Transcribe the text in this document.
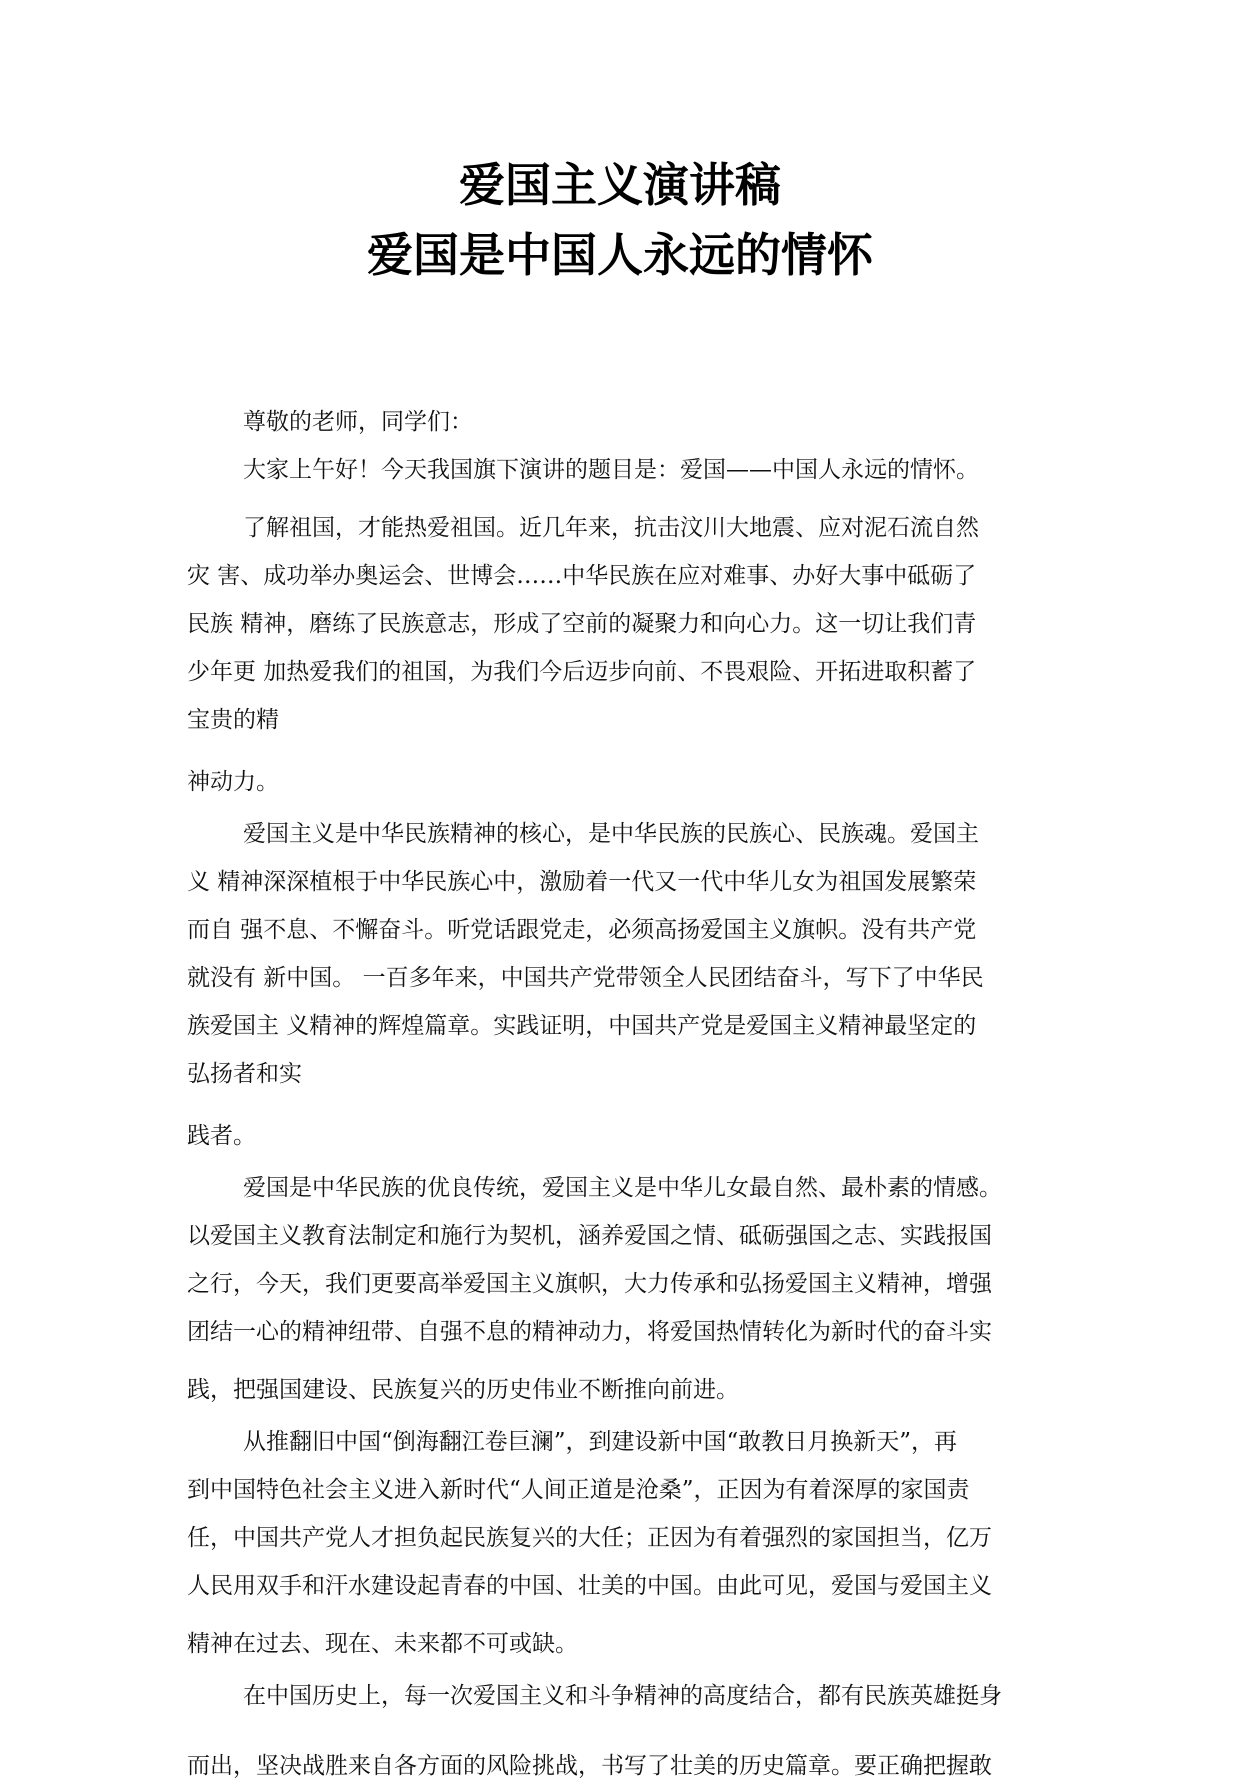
爱国主义演讲稿
爱国是中国人永远的情怀

尊敬的老师，同学们：

大家上午好！今天我国旗下演讲的题目是：爱国——中国人永远的情怀。

了解祖国，才能热爱祖国。近几年来，抗击汶川大地震、应对泥石流自然
灾 害、成功举办奥运会、世博会……中华民族在应对难事、办好大事中砥砺了
民族 精神，磨练了民族意志，形成了空前的凝聚力和向心力。这一切让我们青
少年更 加热爱我们的祖国，为我们今后迈步向前、不畏艰险、开拓进取积蓄了
宝贵的精
神动力。

爱国主义是中华民族精神的核心，是中华民族的民族心、民族魂。爱国主
义 精神深深植根于中华民族心中，激励着一代又一代中华儿女为祖国发展繁荣
而自 强不息、不懈奋斗。听党话跟党走，必须高扬爱国主义旗帜。没有共产党
就没有 新中国。 一百多年来，中国共产党带领全人民团结奋斗，写下了中华民
族爱国主 义精神的辉煌篇章。实践证明，中国共产党是爱国主义精神最坚定的
弘扬者和实
践者。

爱国是中华民族的优良传统，爱国主义是中华儿女最自然、最朴素的情感。
以爱国主义教育法制定和施行为契机，涵养爱国之情、砥砺强国之志、实践报国
之行，今天，我们更要高举爱国主义旗帜，大力传承和弘扬爱国主义精神，增强
团结一心的精神纽带、自强不息的精神动力，将爱国热情转化为新时代的奋斗实
践，把强国建设、民族复兴的历史伟业不断推向前进。

从推翻旧中国“倒海翻江卷巨澜”，到建设新中国“敢教日月换新天”，再
到中国特色社会主义进入新时代“人间正道是沧桑”，正因为有着深厚的家国责
任，中国共产党人才担负起民族复兴的大任；正因为有着强烈的家国担当，亿万
人民用双手和汗水建设起青春的中国、壮美的中国。由此可见，爱国与爱国主义
精神在过去、现在、未来都不可或缺。

在中国历史上，每一次爱国主义和斗争精神的高度结合，都有民族英雄挺身
而出，坚决战胜来自各方面的风险挑战，书写了壮美的历史篇章。要正确把握敢
